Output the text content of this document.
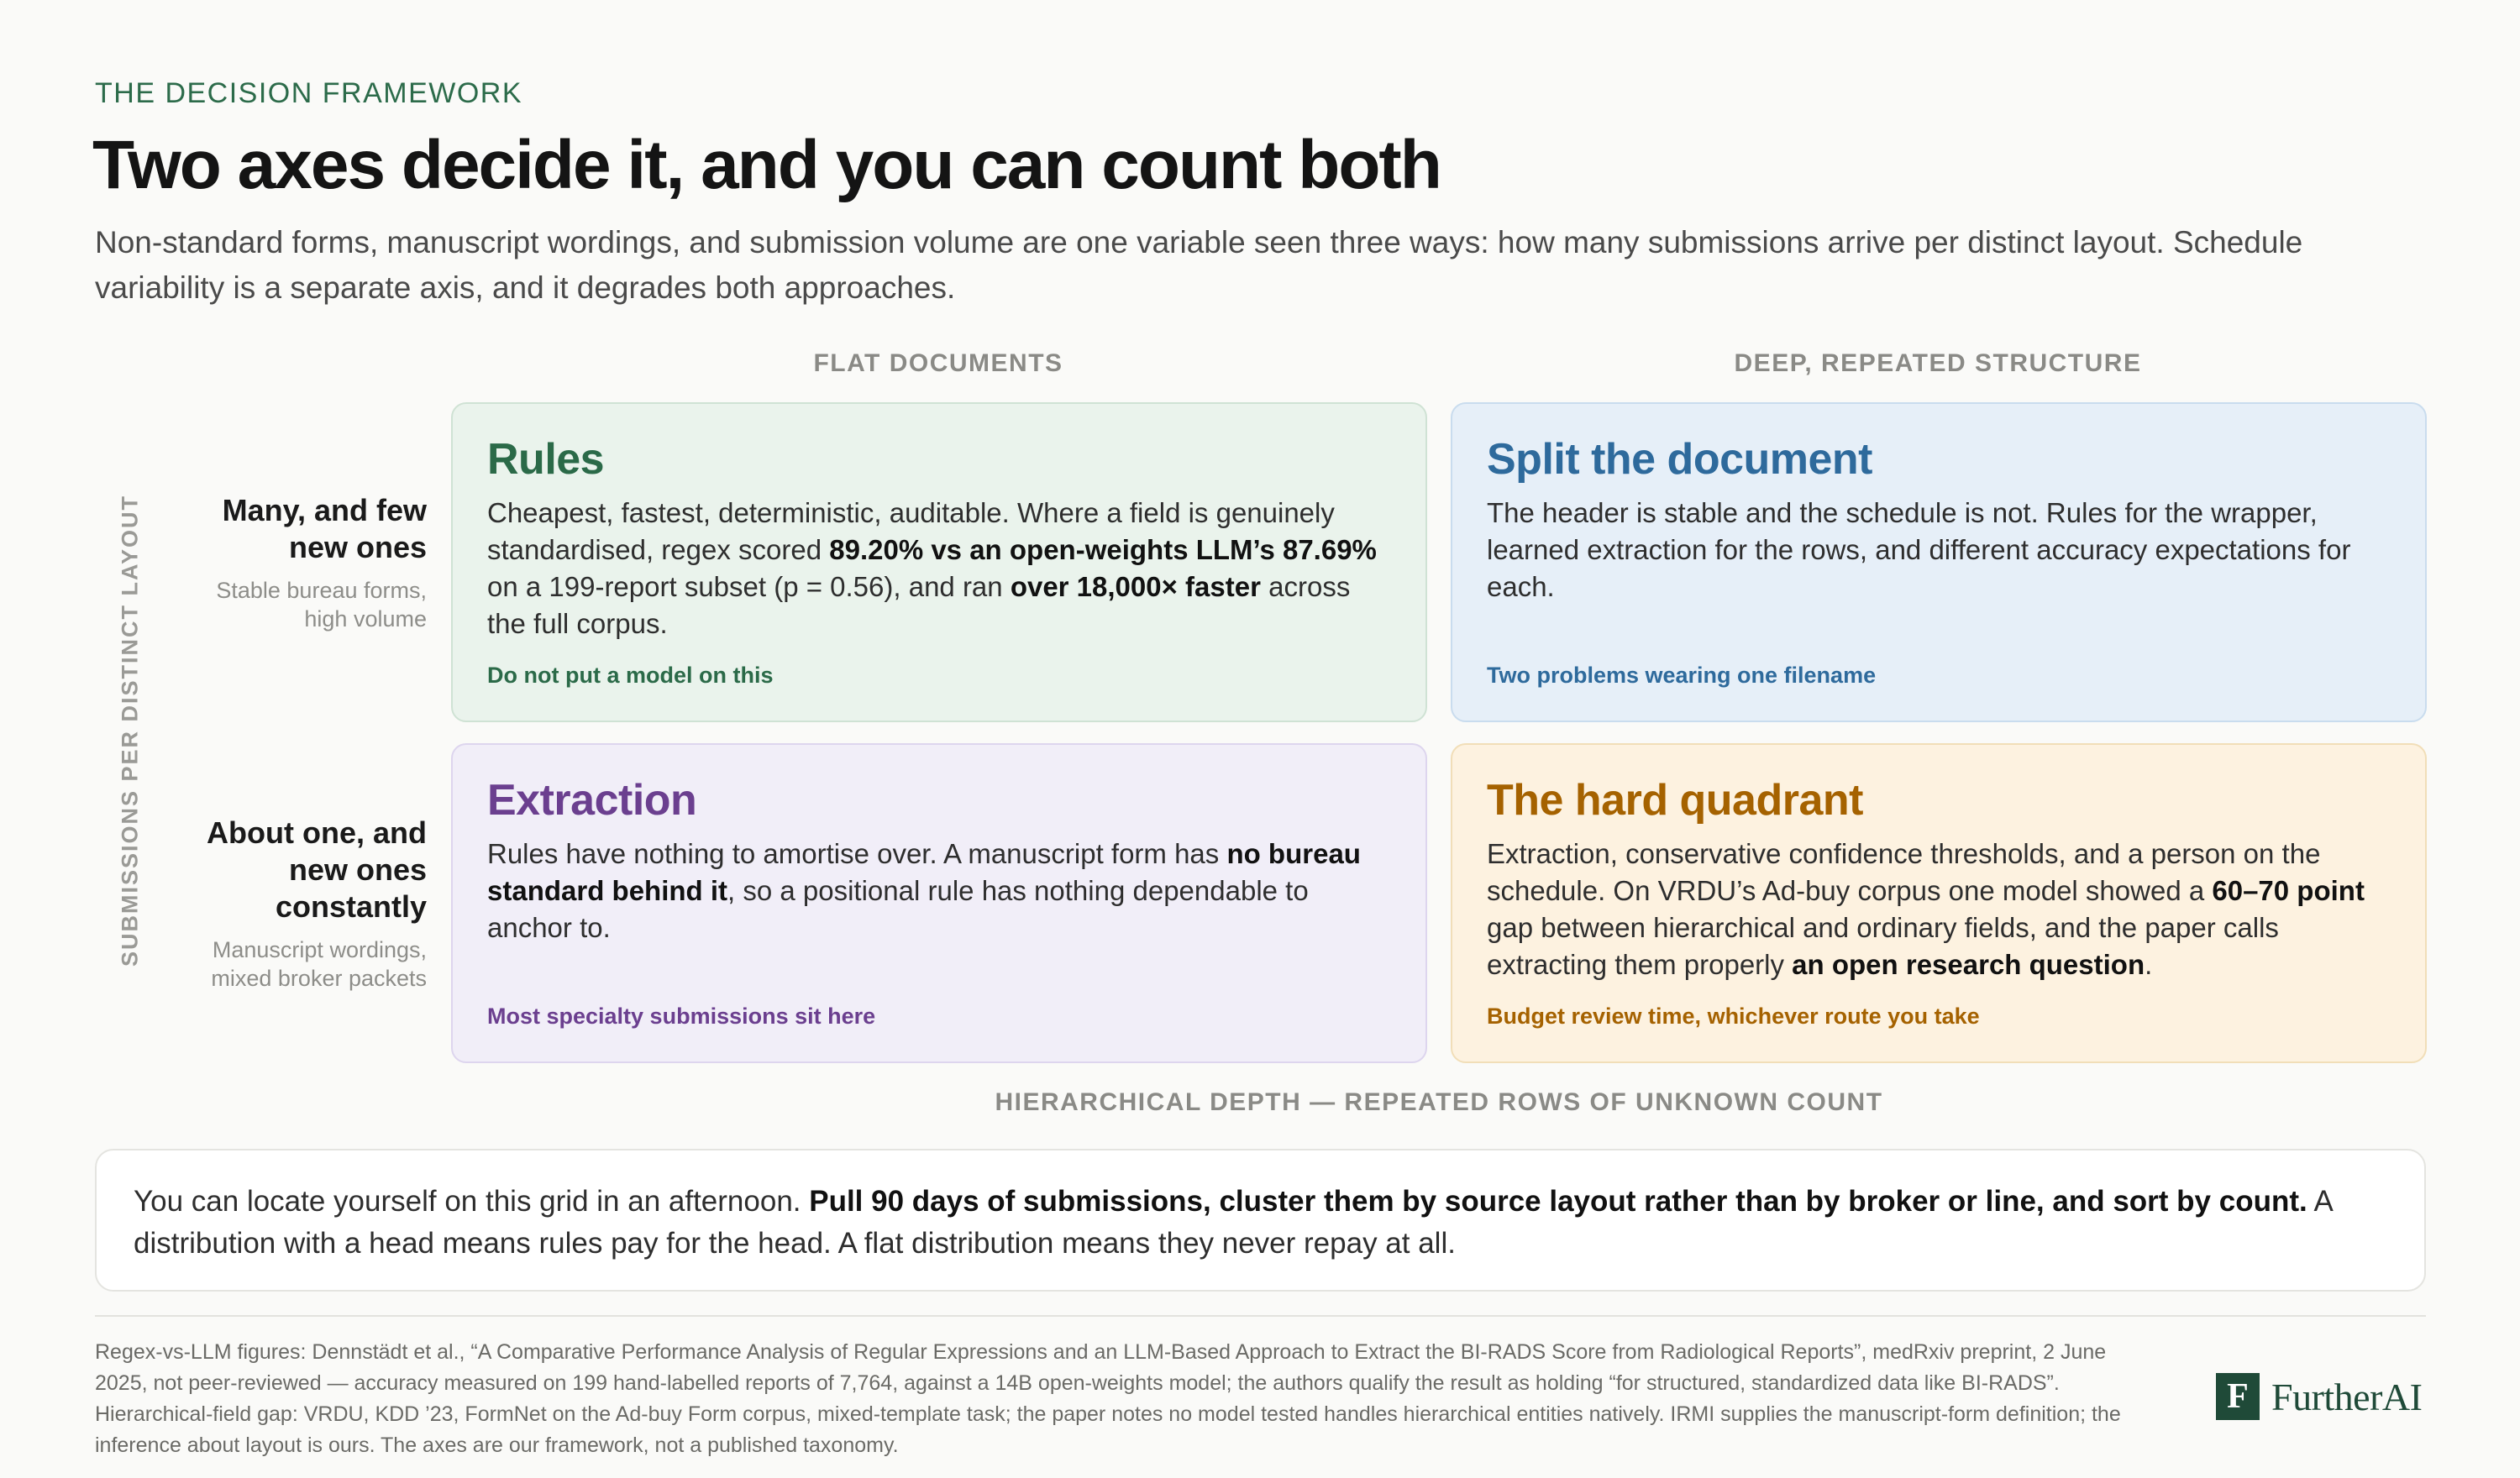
THE DECISION FRAMEWORK
Two axes decide it, and you can count both

Non-standard forms, manuscript wordings, and submission volume are one variable seen three ways: how many submissions arrive per distinct layout. Schedule variability is a separate axis, and it degrades both approaches.

FLAT DOCUMENTS	DEEP, REPEATED STRUCTURE
SUBMISSIONS PER DISTINCT LAYOUT	Many, and few new ones
Stable bureau forms, high volume
About one, and new ones constantly
Manuscript wordings, mixed broker packets
Rules
Cheapest, fastest, deterministic, auditable. Where a field is genuinely standardised, regex scored 89.20% vs an open-weights LLM’s 87.69% on a 199-report subset (p = 0.56), and ran over 18,000× faster across the full corpus.
Do not put a model on this
Split the document
The header is stable and the schedule is not. Rules for the wrapper, learned extraction for the rows, and different accuracy expectations for each.
Two problems wearing one filename
Extraction
Rules have nothing to amortise over. A manuscript form has no bureau standard behind it, so a positional rule has nothing dependable to anchor to.
Most specialty submissions sit here
The hard quadrant
Extraction, conservative confidence thresholds, and a person on the schedule. On VRDU’s Ad-buy corpus one model showed a 60–70 point gap between hierarchical and ordinary fields, and the paper calls extracting them properly an open research question.
Budget review time, whichever route you take
HIERARCHICAL DEPTH — REPEATED ROWS OF UNKNOWN COUNT
You can locate yourself on this grid in an afternoon. Pull 90 days of submissions, cluster them by source layout rather than by broker or line, and sort by count. A distribution with a head means rules pay for the head. A flat distribution means they never repay at all.

Regex-vs-LLM figures: Dennstädt et al., “A Comparative Performance Analysis of Regular Expressions and an LLM-Based Approach to Extract the BI-RADS Score from Radiological Reports”, medRxiv preprint, 2 June 2025, not peer-reviewed — accuracy measured on 199 hand-labelled reports of 7,764, against a 14B open-weights model; the authors qualify the result as holding “for structured, standardized data like BI-RADS”. Hierarchical-field gap: VRDU, KDD ’23, FormNet on the Ad-buy Form corpus, mixed-template task; the paper notes no model tested handles hierarchical entities natively. IRMI supplies the manuscript-form definition; the inference about layout is ours. The axes are our framework, not a published taxonomy.

F FurtherAI
